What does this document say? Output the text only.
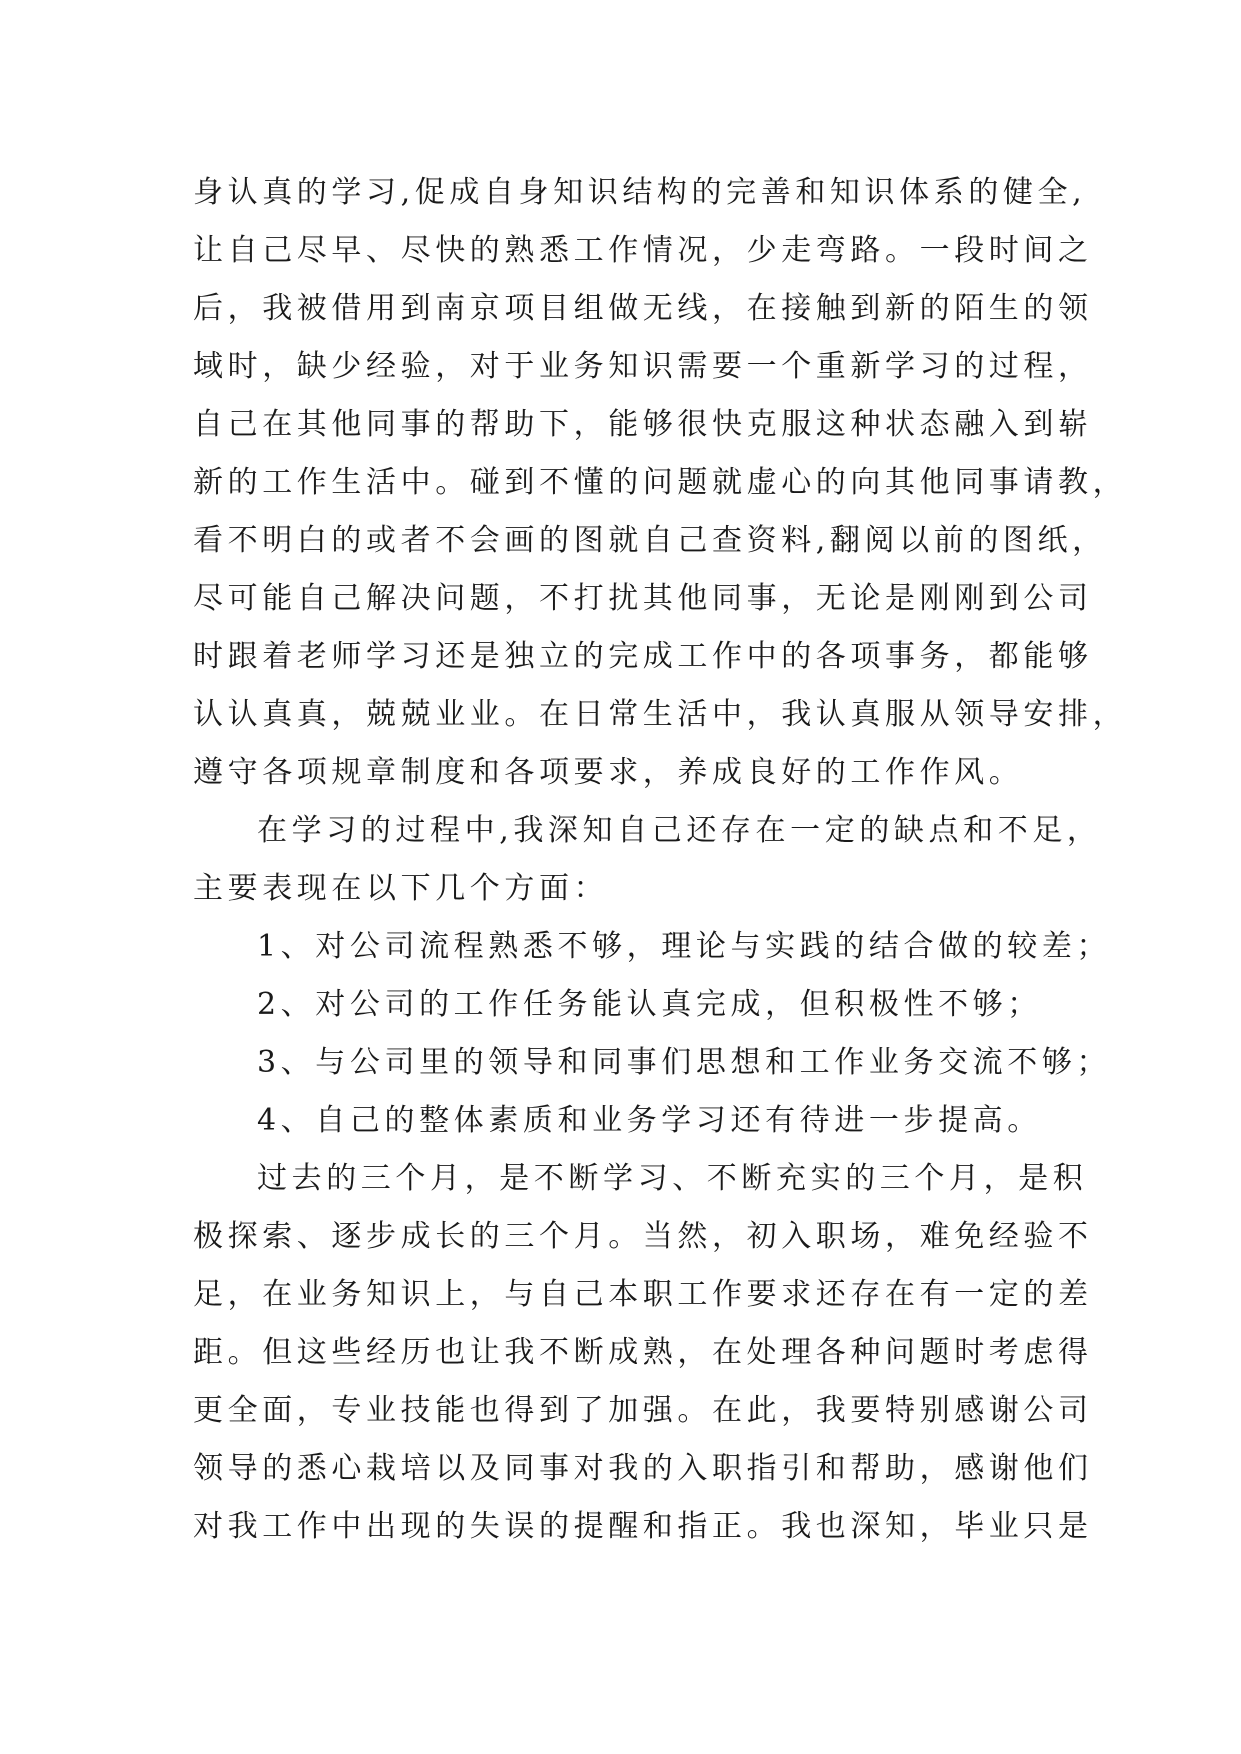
身认真的学习,促成自身知识结构的完善和知识体系的健全,
让自己尽早、尽快的熟悉工作情况，少走弯路。一段时间之
后，我被借用到南京项目组做无线，在接触到新的陌生的领
域时，缺少经验，对于业务知识需要一个重新学习的过程，
自己在其他同事的帮助下，能够很快克服这种状态融入到崭
新的工作生活中。碰到不懂的问题就虚心的向其他同事请教，
看不明白的或者不会画的图就自己查资料,翻阅以前的图纸，
尽可能自己解决问题，不打扰其他同事，无论是刚刚到公司
时跟着老师学习还是独立的完成工作中的各项事务，都能够
认认真真，兢兢业业。在日常生活中，我认真服从领导安排，
遵守各项规章制度和各项要求，养成良好的工作作风。
在学习的过程中,我深知自己还存在一定的缺点和不足，
主要表现在以下几个方面：
1、对公司流程熟悉不够，理论与实践的结合做的较差；
2、对公司的工作任务能认真完成，但积极性不够；
3、与公司里的领导和同事们思想和工作业务交流不够；
4、自己的整体素质和业务学习还有待进一步提高。
过去的三个月，是不断学习、不断充实的三个月，是积
极探索、逐步成长的三个月。当然，初入职场，难免经验不
足，在业务知识上，与自己本职工作要求还存在有一定的差
距。但这些经历也让我不断成熟，在处理各种问题时考虑得
更全面，专业技能也得到了加强。在此，我要特别感谢公司
领导的悉心栽培以及同事对我的入职指引和帮助，感谢他们
对我工作中出现的失误的提醒和指正。我也深知，毕业只是
